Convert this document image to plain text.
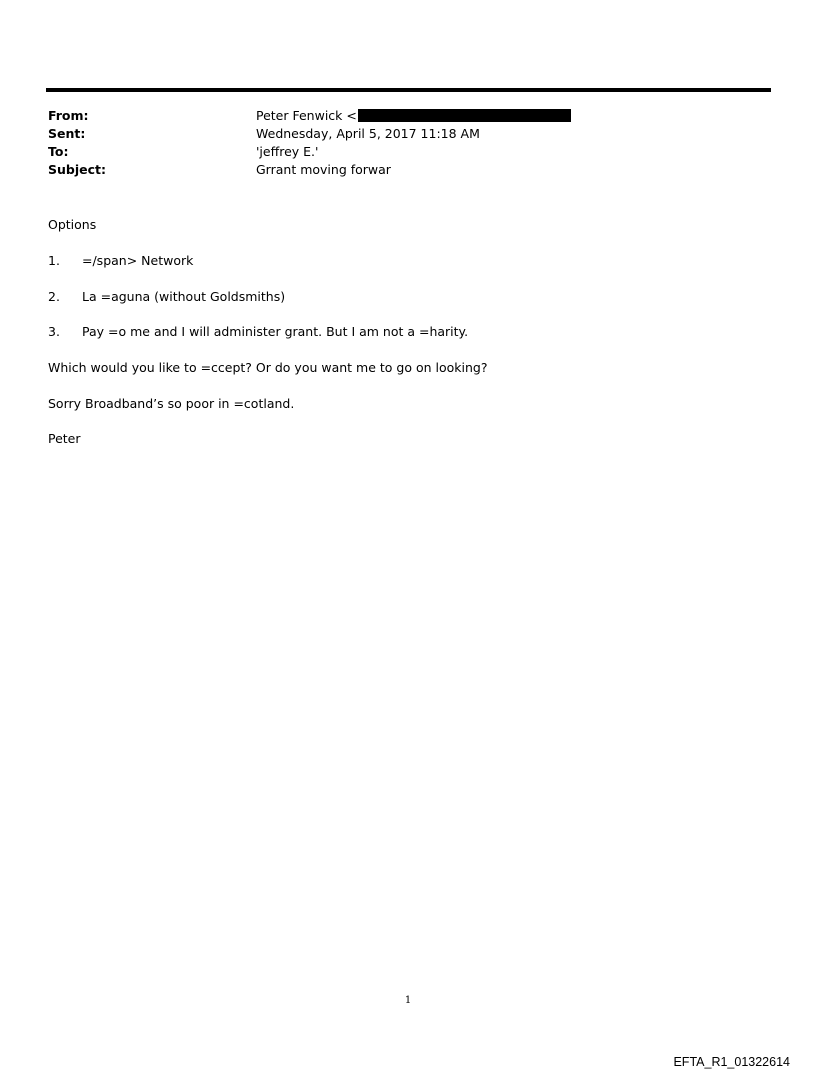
From:	Peter Fenwick <
Sent:	Wednesday, April 5, 2017 11:18 AM
To:	'jeffrey E.'
Subject:	Grrant moving forwar
Options
1. =/span> Network
2. La =aguna (without Goldsmiths)
3. Pay =o me and I will administer grant. But I am not a =harity.
Which would you like to =ccept? Or do you want me to go on looking?
Sorry Broadband’s so poor in =cotland.
Peter
1
EFTA_R1_01322614
